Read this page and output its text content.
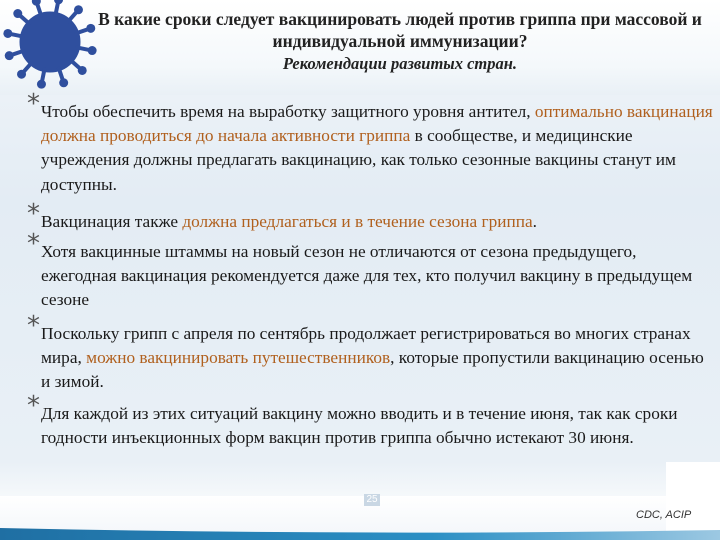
В какие сроки следует вакцинировать людей против гриппа при массовой и индивидуальной иммунизации?
Рекомендации развитых стран.
* Чтобы обеспечить время на выработку защитного уровня антител, оптимально вакцинация должна проводиться до начала активности гриппа в сообществе, и медицинские учреждения должны предлагать вакцинацию, как только сезонные вакцины станут им доступны.

* Вакцинация также должна предлагаться и в течение сезона гриппа.

* Хотя вакцинные штаммы на новый сезон не отличаются от сезона предыдущего, ежегодная вакцинация рекомендуется даже для тех, кто получил вакцину в предыдущем сезоне

* Поскольку грипп с апреля по сентябрь продолжает регистрироваться во многих странах мира, можно вакцинировать путешественников, которые пропустили вакцинацию осенью и зимой.

* Для каждой из этих ситуаций вакцину можно вводить и в течение июня, так как сроки годности инъекционных форм вакцин против гриппа обычно истекают 30 июня.

25
CDC, ACIP
